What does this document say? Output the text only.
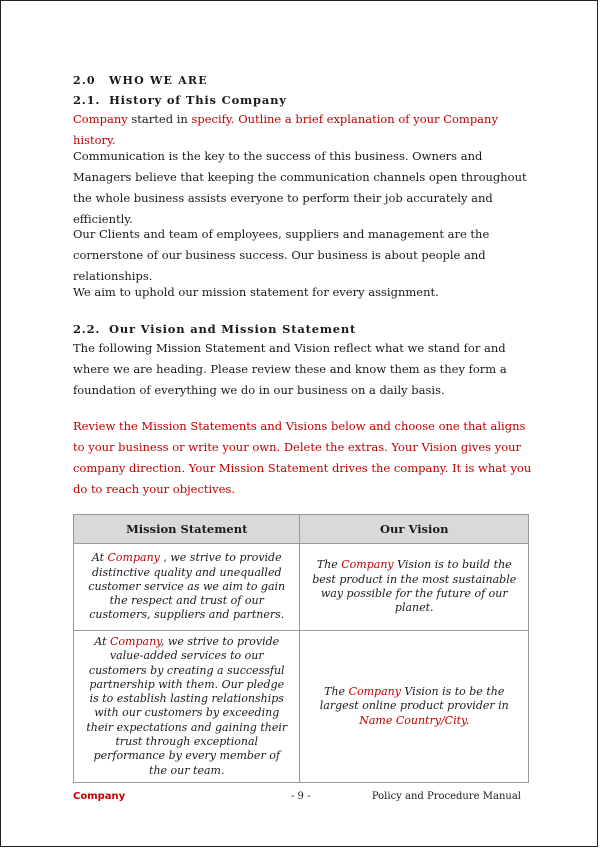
2.0 WHO WE ARE
2.1. History of This Company
Company started in specify. Outline a brief explanation of your Company history.
Communication is the key to the success of this business. Owners and Managers believe that keeping the communication channels open throughout the whole business assists everyone to perform their job accurately and efficiently.
Our Clients and team of employees, suppliers and management are the cornerstone of our business success. Our business is about people and relationships.
We aim to uphold our mission statement for every assignment.
2.2. Our Vision and Mission Statement
The following Mission Statement and Vision reflect what we stand for and where we are heading. Please review these and know them as they form a foundation of everything we do in our business on a daily basis.
Review the Mission Statements and Visions below and choose one that aligns to your business or write your own. Delete the extras. Your Vision gives your company direction. Your Mission Statement drives the company. It is what you do to reach your objectives.
Mission Statement	Our Vision
At Company , we strive to provide distinctive quality and unequalled customer service as we aim to gain the respect and trust of our customers, suppliers and partners.	The Company Vision is to build the best product in the most sustainable way possible for the future of our planet.
At Company, we strive to provide value-added services to our customers by creating a successful partnership with them. Our pledge is to establish lasting relationships with our customers by exceeding their expectations and gaining their trust through exceptional performance by every member of the our team.	The Company Vision is to be the largest online product provider in Name Country/City.
Company	- 9 -	Policy and Procedure Manual
